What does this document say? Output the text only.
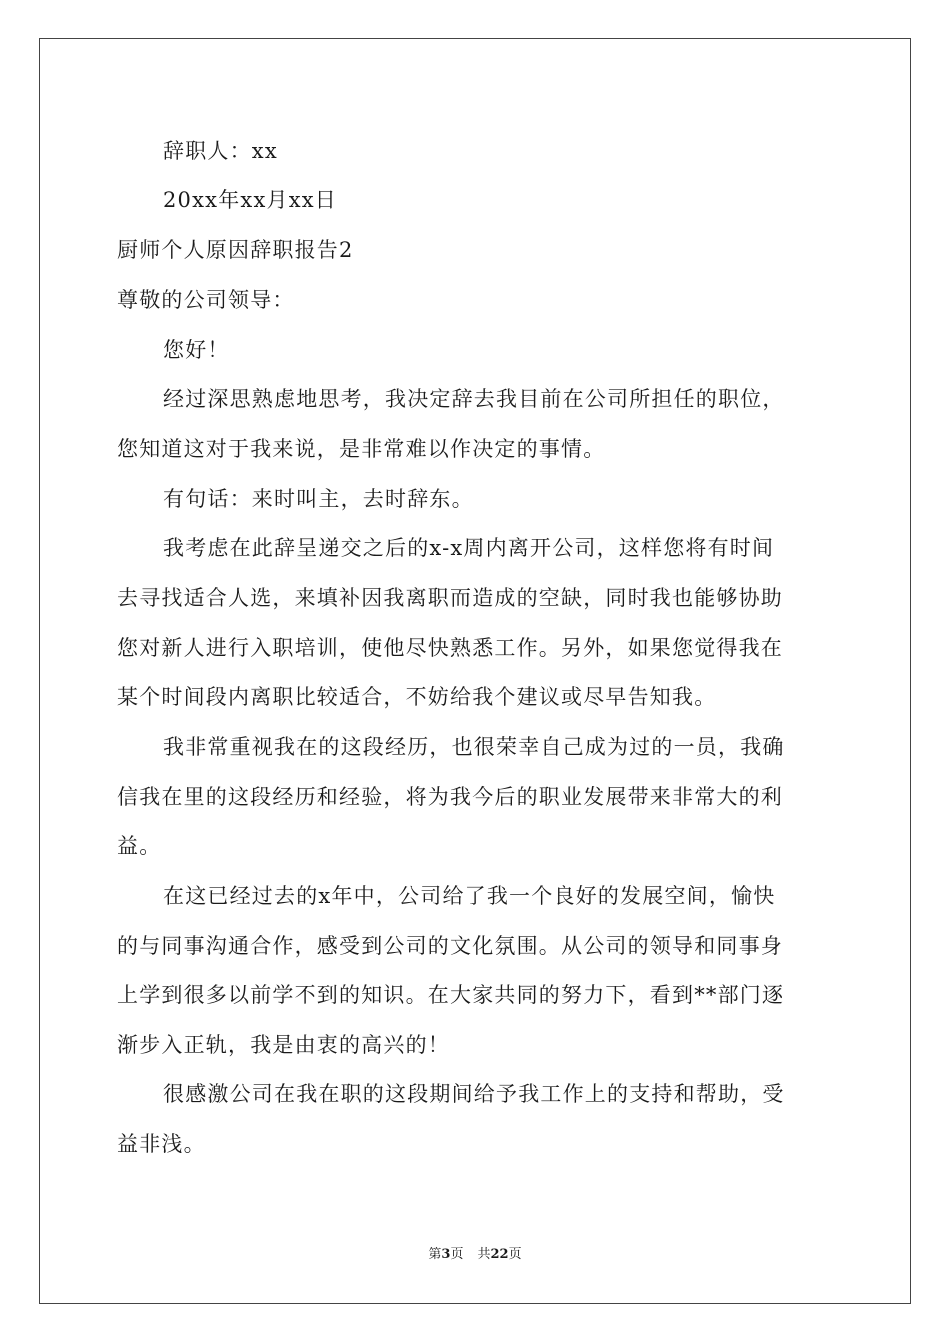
辞职人：xx
20xx年xx月xx日
厨师个人原因辞职报告2
尊敬的公司领导：
您好！
经过深思熟虑地思考，我决定辞去我目前在公司所担任的职位，
您知道这对于我来说，是非常难以作决定的事情。
有句话：来时叫主，去时辞东。
我考虑在此辞呈递交之后的x-x周内离开公司，这样您将有时间
去寻找适合人选，来填补因我离职而造成的空缺，同时我也能够协助
您对新人进行入职培训，使他尽快熟悉工作。另外，如果您觉得我在
某个时间段内离职比较适合，不妨给我个建议或尽早告知我。
我非常重视我在的这段经历，也很荣幸自己成为过的一员，我确
信我在里的这段经历和经验，将为我今后的职业发展带来非常大的利
益。
在这已经过去的x年中，公司给了我一个良好的发展空间，愉快
的与同事沟通合作，感受到公司的文化氛围。从公司的领导和同事身
上学到很多以前学不到的知识。在大家共同的努力下，看到**部门逐
渐步入正轨，我是由衷的高兴的！
很感激公司在我在职的这段期间给予我工作上的支持和帮助，受
益非浅。
第3页 共22页
